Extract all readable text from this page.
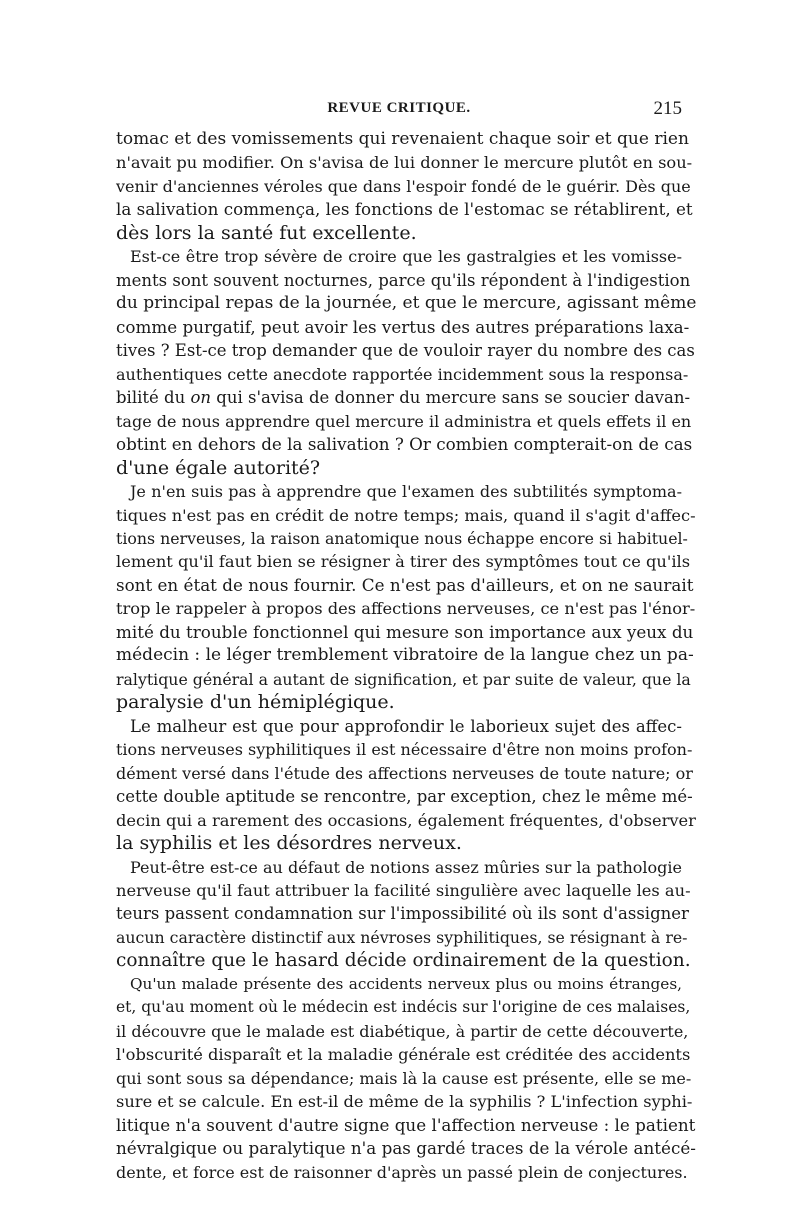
REVUE CRITIQUE.	215
tomac et des vomissements qui revenaient chaque soir et que rien
n'avait pu modifier. On s'avisa de lui donner le mercure plutôt en sou-
venir d'anciennes véroles que dans l'espoir fondé de le guérir. Dès que
la salivation commença, les fonctions de l'estomac se rétablirent, et
dès lors la santé fut excellente.
Est-ce être trop sévère de croire que les gastralgies et les vomisse-
ments sont souvent nocturnes, parce qu'ils répondent à l'indigestion
du principal repas de la journée, et que le mercure, agissant même
comme purgatif, peut avoir les vertus des autres préparations laxa-
tives ? Est-ce trop demander que de vouloir rayer du nombre des cas
authentiques cette anecdote rapportée incidemment sous la responsa-
bilité du on qui s'avisa de donner du mercure sans se soucier davan-
tage de nous apprendre quel mercure il administra et quels effets il en
obtint en dehors de la salivation ? Or combien compterait-on de cas
d'une égale autorité?
Je n'en suis pas à apprendre que l'examen des subtilités symptoma-
tiques n'est pas en crédit de notre temps; mais, quand il s'agit d'affec-
tions nerveuses, la raison anatomique nous échappe encore si habituel-
lement qu'il faut bien se résigner à tirer des symptômes tout ce qu'ils
sont en état de nous fournir. Ce n'est pas d'ailleurs, et on ne saurait
trop le rappeler à propos des affections nerveuses, ce n'est pas l'énor-
mité du trouble fonctionnel qui mesure son importance aux yeux du
médecin : le léger tremblement vibratoire de la langue chez un pa-
ralytique général a autant de signification, et par suite de valeur, que la
paralysie d'un hémiplégique.
Le malheur est que pour approfondir le laborieux sujet des affec-
tions nerveuses syphilitiques il est nécessaire d'être non moins profon-
dément versé dans l'étude des affections nerveuses de toute nature; or
cette double aptitude se rencontre, par exception, chez le même mé-
decin qui a rarement des occasions, également fréquentes, d'observer
la syphilis et les désordres nerveux.
Peut-être est-ce au défaut de notions assez mûries sur la pathologie
nerveuse qu'il faut attribuer la facilité singulière avec laquelle les au-
teurs passent condamnation sur l'impossibilité où ils sont d'assigner
aucun caractère distinctif aux névroses syphilitiques, se résignant à re-
connaître que le hasard décide ordinairement de la question.
Qu'un malade présente des accidents nerveux plus ou moins étranges,
et, qu'au moment où le médecin est indécis sur l'origine de ces malaises,
il découvre que le malade est diabétique, à partir de cette découverte,
l'obscurité disparaît et la maladie générale est créditée des accidents
qui sont sous sa dépendance; mais là la cause est présente, elle se me-
sure et se calcule. En est-il de même de la syphilis ? L'infection syphi-
litique n'a souvent d'autre signe que l'affection nerveuse : le patient
névralgique ou paralytique n'a pas gardé traces de la vérole antécé-
dente, et force est de raisonner d'après un passé plein de conjectures.
